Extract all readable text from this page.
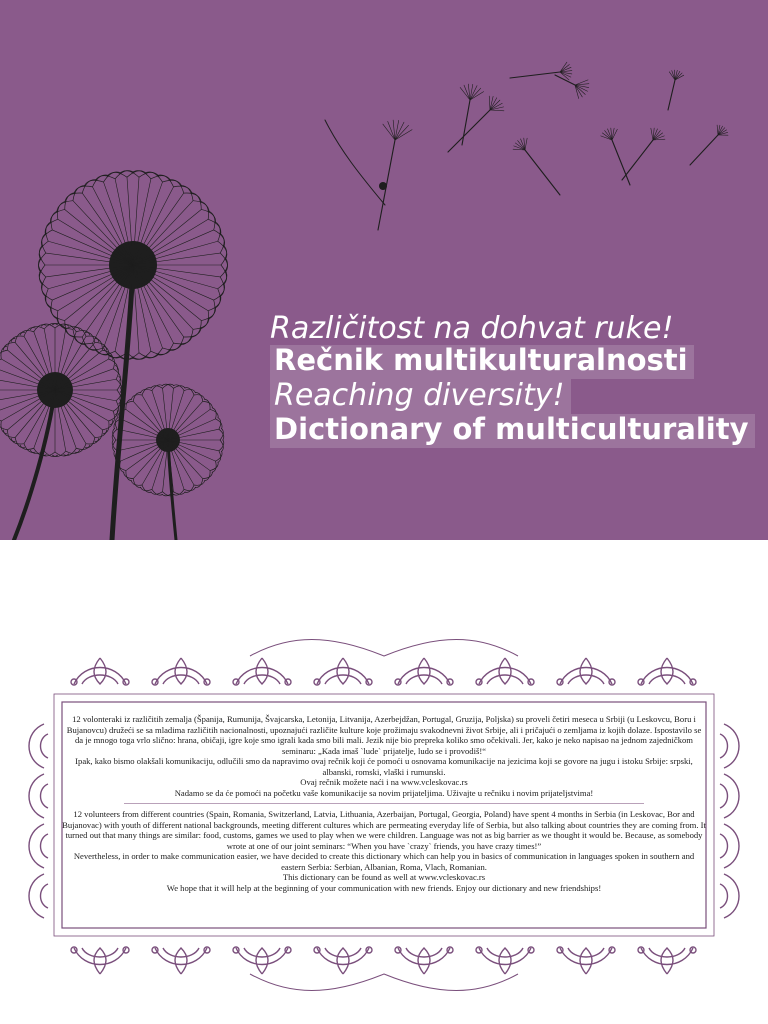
Različitost na dohvat ruke!
Rečnik multikulturalnosti
Reaching diversity!
Dictionary of multiculturality

12 volonteraki iz različitih zemalja (Španija, Rumunija, Švajcarska, Letonija, Litvanija, Azerbejdžan, Portugal, Gruzija, Poljska) su proveli četiri meseca u Srbiji (u Leskovcu, Boru i Bujanovcu) družeći se sa mladima različitih nacionalnosti, upoznajući različite kulture koje prožimaju svakodnevni život Srbije, ali i pričajući o zemljama iz kojih dolaze. Ispostavilo se da je mnogo toga vrlo slično: hrana, običaji, igre koje smo igrali kada smo bili mali. Jezik nije bio prepreka koliko smo očekivali. Jer, kako je neko napisao na jednom zajedničkom seminaru: „Kada imaš `lude` prijatelje, ludo se i provodiš!“

Ipak, kako bismo olakšali komunikaciju, odlučili smo da napravimo ovaj rečnik koji će pomoći u osnovama komunikacije na jezicima koji se govore na jugu i istoku Srbije: srpski, albanski, romski, vlaški i rumunski.

Ovaj rečnik možete naći i na www.vcleskovac.rs

Nadamo se da će pomoći na početku vaše komunikacije sa novim prijateljima. Uživajte u rečniku i novim prijateljstvima!

12 volunteers from different countries (Spain, Romania, Switzerland, Latvia, Lithuania, Azerbaijan, Portugal, Georgia, Poland) have spent 4 months in Serbia (in Leskovac, Bor and Bujanovac) with youth of different national backgrounds, meeting different cultures which are permeating everyday life of Serbia, but also talking about countries they are coming from. It turned out that many things are similar: food, customs, games we used to play when we were children. Language was not as big barrier as we thought it would be. Because, as somebody wrote at one of our joint seminars: “When you have `crazy` friends, you have crazy times!”

Nevertheless, in order to make communication easier, we have decided to create this dictionary which can help you in basics of communication in languages spoken in southern and eastern Serbia: Serbian, Albanian, Roma, Vlach, Romanian.

This dictionary can be found as well at www.vcleskovac.rs

We hope that it will help at the beginning of your communication with new friends. Enjoy our dictionary and new friendships!
